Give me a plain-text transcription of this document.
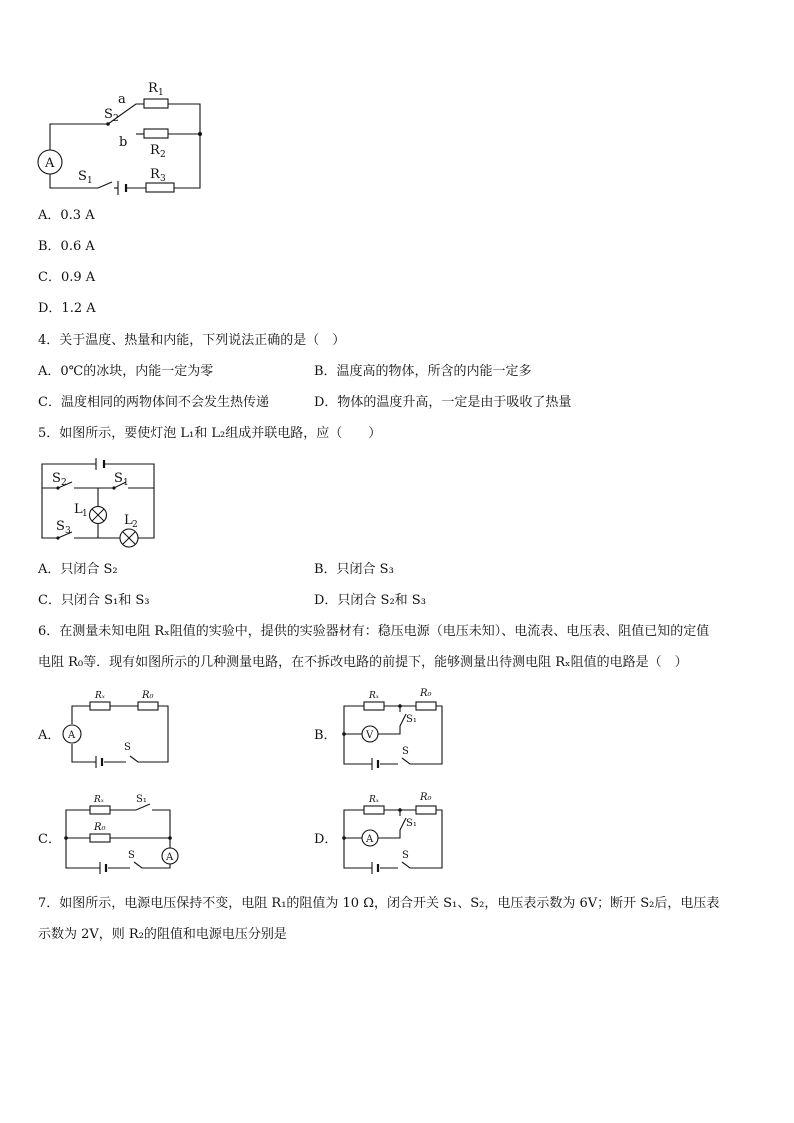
A
R 1
a
S 2
b
R 2
S 1	R 3
A．0.3 A
B．0.6 A
C．0.9 A
D．1.2 A
4．关于温度、热量和内能，下列说法正确的是（　）
A．0℃的冰块，内能一定为零	B．温度高的物体，所含的内能一定多
C．温度相同的两物体间不会发生热传递	D．物体的温度升高，一定是由于吸收了热量
5．如图所示，要使灯泡 L₁和 L₂组成并联电路，应（　　）
S 2	S 1
L 1
S 3
L 2
A．只闭合 S₂	B．只闭合 S₃
C．只闭合 S₁和 S₃	D．只闭合 S₂和 S₃
6．在测量未知电阻 Rₓ阻值的实验中，提供的实验器材有：稳压电源（电压未知）、电流表、电压表、阻值已知的定值
电阻 R₀等．现有如图所示的几种测量电路，在不拆改电路的前提下，能够测量出待测电阻 Rₓ阻值的电路是（　）
A． A
Rₓ	R₀
S
B．	V
Rₓ	R₀
S₁
S
C．
A
Rₓ
R₀
S₁
S
D．	A
Rₓ	R₀
S₁
S
7．如图所示，电源电压保持不变，电阻 R₁的阻值为 10 Ω，闭合开关 S₁、S₂，电压表示数为 6V；断开 S₂后，电压表
示数为 2V，则 R₂的阻值和电源电压分别是
